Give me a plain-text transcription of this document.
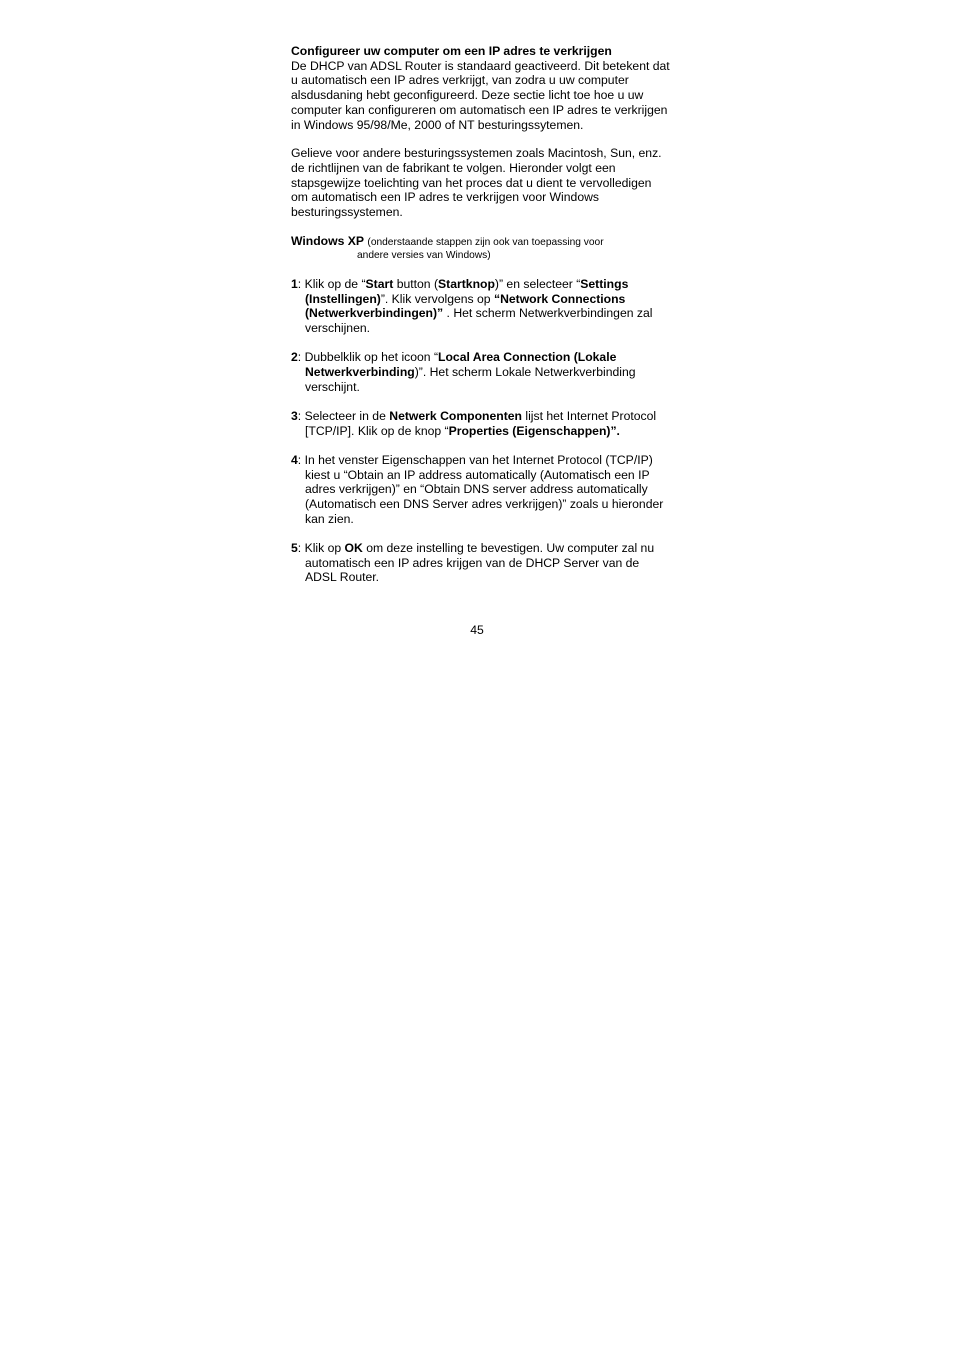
Configureer uw computer om een IP adres te verkrijgen

De DHCP van ADSL Router is standaard geactiveerd. Dit betekent dat u automatisch een IP adres verkrijgt, van zodra u uw computer alsdusdaning hebt geconfigureerd. Deze sectie licht toe hoe u uw computer kan configureren om automatisch een IP adres te verkrijgen in Windows 95/98/Me, 2000 of NT besturingssytemen.

Gelieve voor andere besturingssystemen zoals Macintosh, Sun, enz. de richtlijnen van de fabrikant te volgen. Hieronder volgt een stapsgewijze toelichting van het proces dat u dient te vervolledigen om automatisch een IP adres te verkrijgen voor Windows besturingssystemen.

Windows XP (onderstaande stappen zijn ook van toepassing voor
andere versies van Windows)

1: Klik op de “Start button (Startknop)” en selecteer “Settings (Instellingen)”. Klik vervolgens op “Network Connections (Netwerkverbindingen)” . Het scherm Netwerkverbindingen zal verschijnen.

2: Dubbelklik op het icoon “Local Area Connection (Lokale Netwerkverbinding)”. Het scherm Lokale Netwerkverbinding verschijnt.

3: Selecteer in de Netwerk Componenten lijst het Internet Protocol [TCP/IP]. Klik op de knop “Properties (Eigenschappen)”.

4: In het venster Eigenschappen van het Internet Protocol (TCP/IP) kiest u “Obtain an IP address automatically (Automatisch een IP adres verkrijgen)” en “Obtain DNS server address automatically (Automatisch een DNS Server adres verkrijgen)” zoals u hieronder kan zien.

5: Klik op OK om deze instelling te bevestigen. Uw computer zal nu automatisch een IP adres krijgen van de DHCP Server van de ADSL Router.

45
